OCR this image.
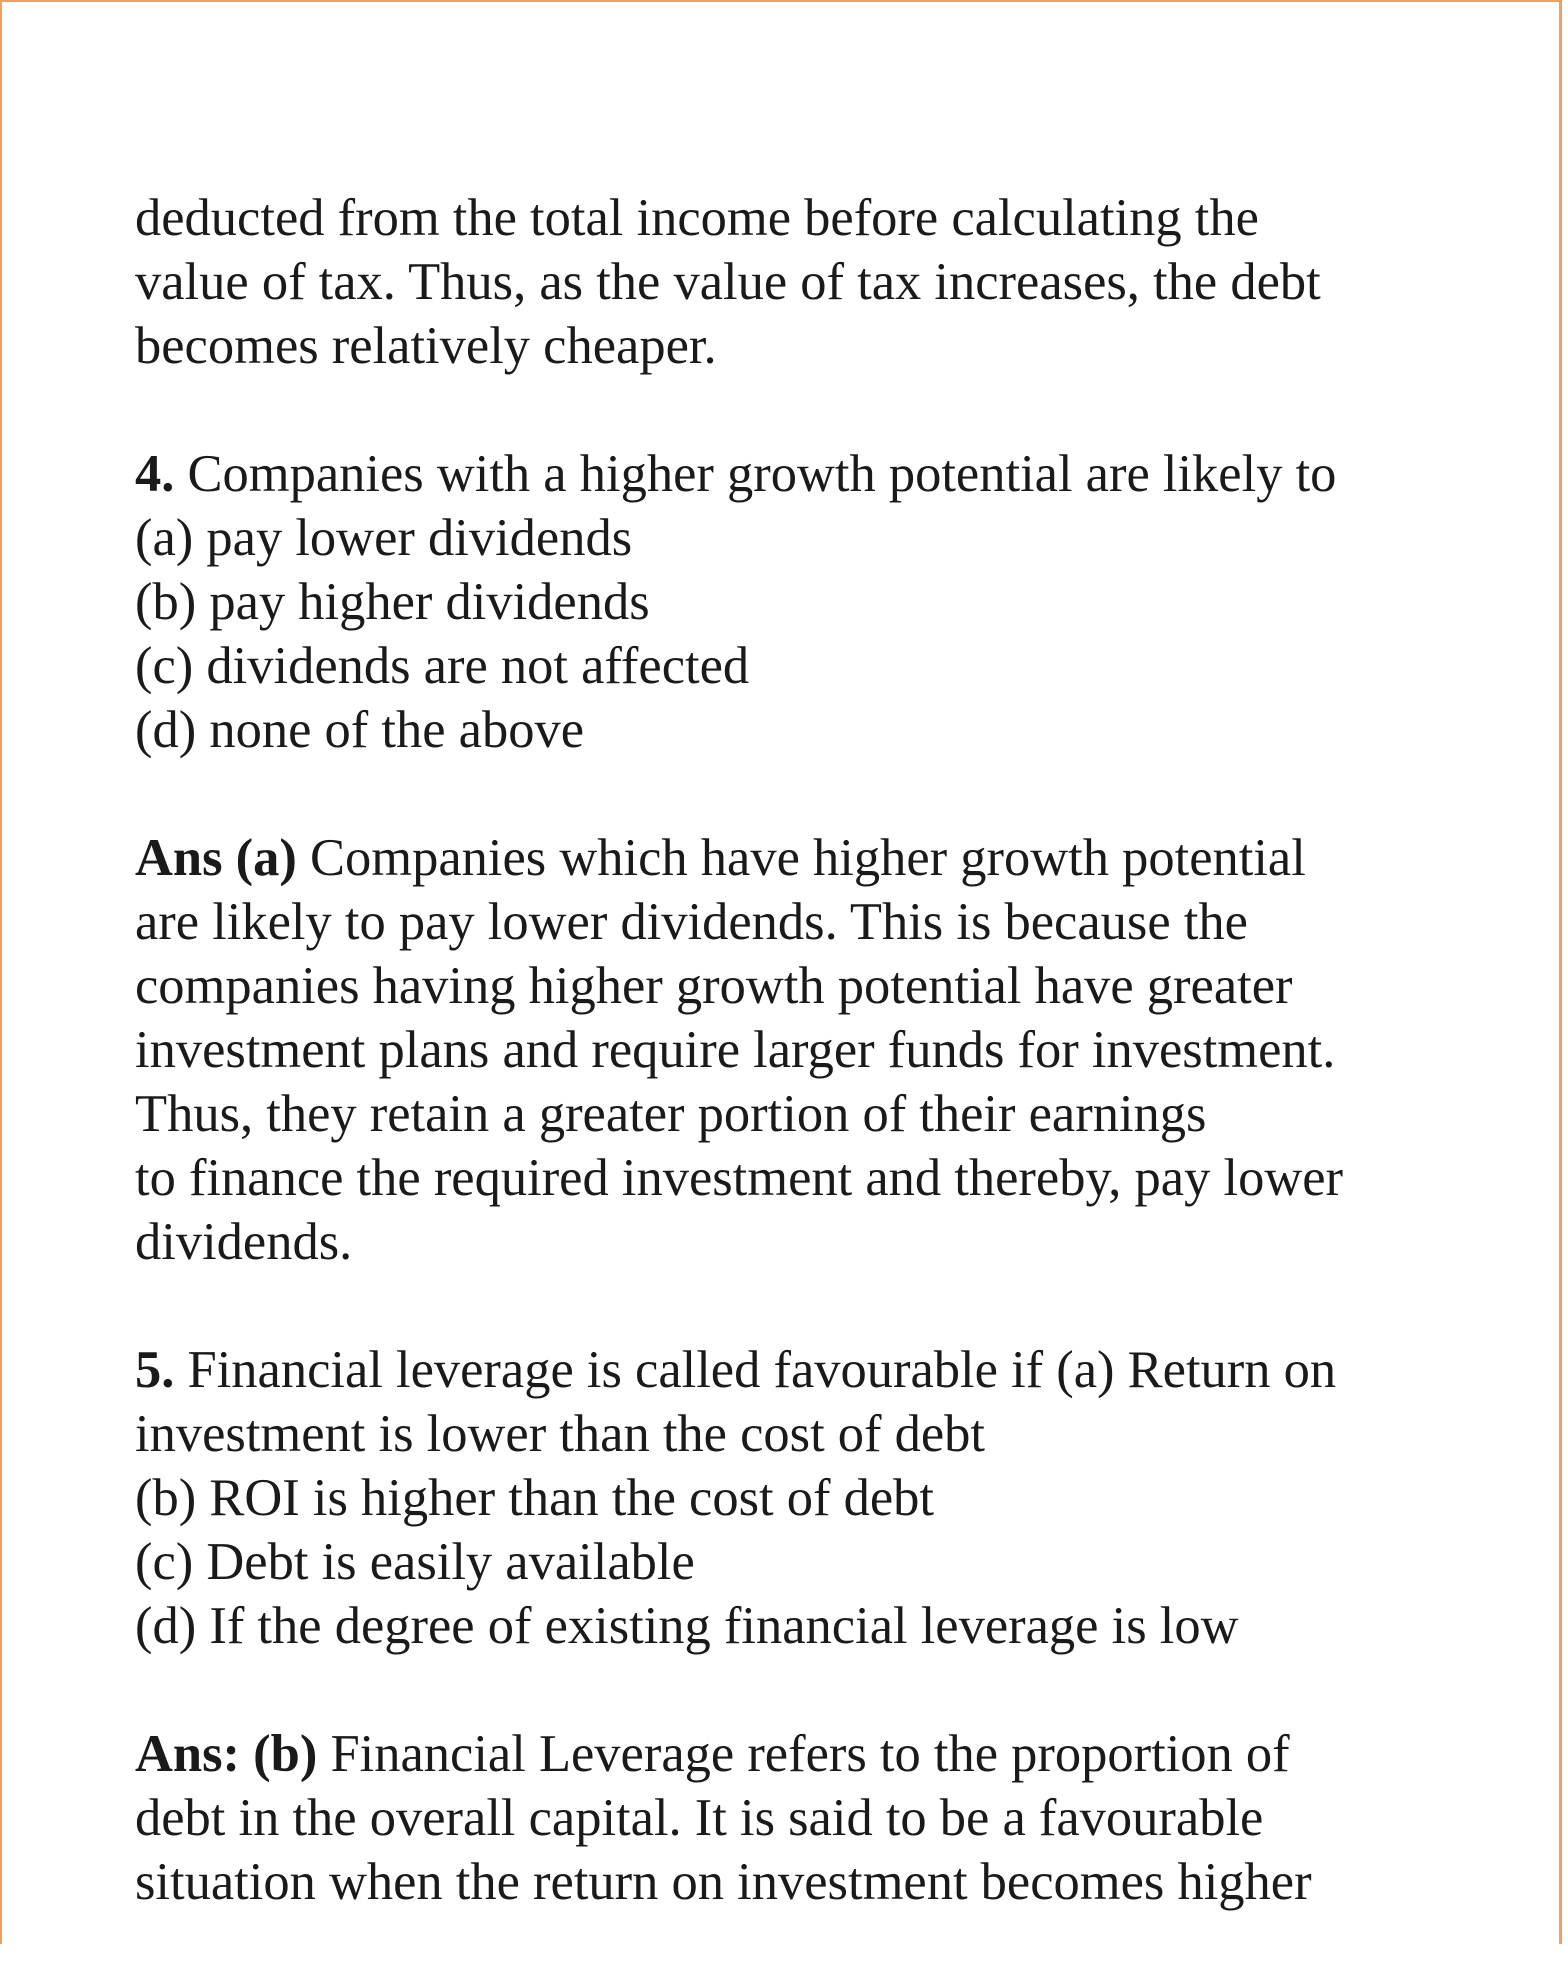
deducted from the total income before calculating the
value of tax. Thus, as the value of tax increases, the debt
becomes relatively cheaper.
4. Companies with a higher growth potential are likely to
(a) pay lower dividends
(b) pay higher dividends
(c) dividends are not affected
(d) none of the above
Ans (a) Companies which have higher growth potential
are likely to pay lower dividends. This is because the
companies having higher growth potential have greater
investment plans and require larger funds for investment.
Thus, they retain a greater portion of their earnings
to finance the required investment and thereby, pay lower
dividends.
5. Financial leverage is called favourable if (a) Return on
investment is lower than the cost of debt
(b) ROI is higher than the cost of debt
(c) Debt is easily available
(d) If the degree of existing financial leverage is low
Ans: (b) Financial Leverage refers to the proportion of
debt in the overall capital. It is said to be a favourable
situation when the return on investment becomes higher
